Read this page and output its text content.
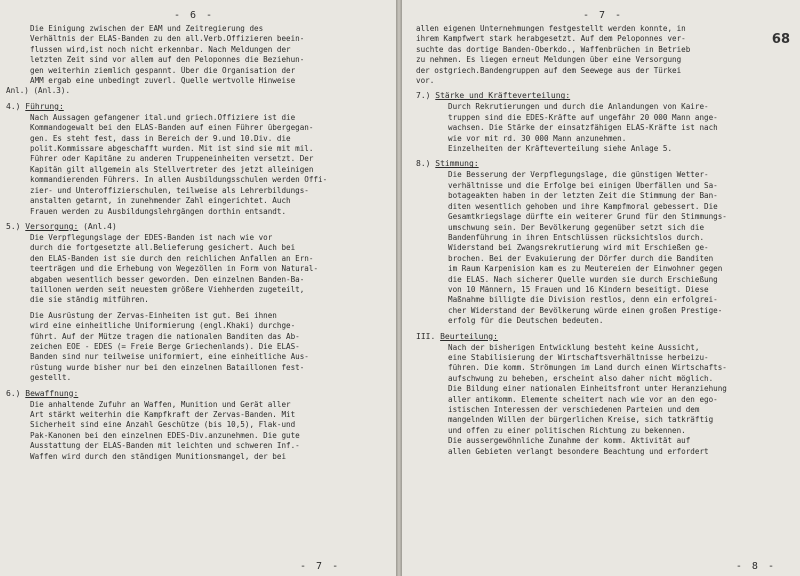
- 6 -
Die Einigung zwischen der EAM und Zeitregierung des
Verhältnis der ELAS-Banden zu den all.Verb.Offizieren beein-
flussen wird,ist noch nicht erkennbar. Nach Meldungen der
letzten Zeit sind vor allem auf den Peloponnes die Beziehun-
gen weiterhin ziemlich gespannt. Über die Organisation der
AMM ergab eine unbedingt zuverl. Quelle wertvolle Hinweise
Anl.) (Anl.3).
4.) Führung:
Nach Aussagen gefangener ital.und griech.Offiziere ist die
Kommandogewalt bei den ELAS-Banden auf einen Führer übergegan-
gen. Es steht fest, dass in Bereich der 9.und 10.Div. die
polit.Kommissare abgeschafft wurden. Mit ist sind sie mit mil.
Führer oder Kapitäne zu anderen Truppeneinheiten versetzt. Der
Kapitän gilt allgemein als Stellvertreter des jetzt alleinigen
kommandierenden Führers. In allen Ausbildungsschulen werden Offi-
zier- und Unteroffizierschulen, teilweise als Lehrerbildungs-
anstalten getarnt, in zunehmender Zahl eingerichtet. Auch
Frauen werden zu Ausbildungslehrgängen dorthin entsandt.
5.) Versorgung: (Anl.4)
Die Verpflegungslage der EDES-Banden ist nach wie vor
durch die fortgesetzte all.Belieferung gesichert. Auch bei
den ELAS-Banden ist sie durch den reichlichen Anfallen an Ern-
teerträgen und die Erhebung von Wegezöllen in Form von Natural-
abgaben wesentlich besser geworden. Den einzelnen Banden-Ba-
taillonen werden seit neuestem größere Viehherden zugeteilt,
die sie ständig mitführen.
Die Ausrüstung der Zervas-Einheiten ist gut. Bei ihnen
wird eine einheitliche Uniformierung (engl.Khaki) durchge-
führt. Auf der Mütze tragen die nationalen Banditen das Ab-
zeichen EOE - EDES (= Freie Berge Griechenlands). Die ELAS-
Banden sind nur teilweise uniformiert, eine einheitliche Aus-
rüstung wurde bisher nur bei den einzelnen Bataillonen fest-
gestellt.
6.) Bewaffnung:
Die anhaltende Zufuhr an Waffen, Munition und Gerät aller
Art stärkt weiterhin die Kampfkraft der Zervas-Banden. Mit
Sicherheit sind eine Anzahl Geschütze (bis 10,5), Flak-und
Pak-Kanonen bei den einzelnen EDES-Div.anzunehmen. Die gute
Ausstattung der ELAS-Banden mit leichten und schweren Inf.-
Waffen wird durch den ständigen Munitionsmangel, der bei
- 7 -
- 7 -
68
allen eigenen Unternehmungen festgestellt werden konnte, in
ihrem Kampfwert stark herabgesetzt. Auf dem Peloponnes ver-
suchte das dortige Banden-Oberkdo., Waffenbrüchen in Betrieb
zu nehmen. Es liegen erneut Meldungen über eine Versorgung
der ostgriech.Bandengruppen auf dem Seewege aus der Türkei
vor.
7.) Stärke und Kräfteverteilung:
Durch Rekrutierungen und durch die Anlandungen von Kaire-
truppen sind die EDES-Kräfte auf ungefähr 20 000 Mann ange-
wachsen. Die Stärke der einsatzfähigen ELAS-Kräfte ist nach
wie vor mit rd. 30 000 Mann anzunehmen.
Einzelheiten der Kräfteverteilung siehe Anlage 5.
8.) Stimmung:
Die Besserung der Verpflegungslage, die günstigen Wetter-
verhältnisse und die Erfolge bei einigen Überfällen und Sa-
botageakten haben in der letzten Zeit die Stimmung der Ban-
diten wesentlich gehoben und ihre Kampfmoral gebessert. Die
Gesamtkriegslage dürfte ein weiterer Grund für den Stimmungs-
umschwung sein. Der Bevölkerung gegenüber setzt sich die
Bandenführung in ihren Entschlüssen rücksichtslos durch.
Widerstand bei Zwangsrekrutierung wird mit Erschießen ge-
brochen. Bei der Evakuierung der Dörfer durch die Banditen
im Raum Karpenision kam es zu Meutereien der Einwohner gegen
die ELAS. Nach sicherer Quelle wurden sie durch Erschießung
von 10 Männern, 15 Frauen und 16 Kindern beseitigt. Diese
Maßnahme billigte die Division restlos, denn ein erfolgrei-
cher Widerstand der Bevölkerung würde einen großen Prestige-
erfolg für die Deutschen bedeuten.
III. Beurteilung:
Nach der bisherigen Entwicklung besteht keine Aussicht,
eine Stabilisierung der Wirtschaftsverhältnisse herbeizu-
führen. Die komm. Strömungen im Land durch einen Wirtschafts-
aufschwung zu beheben, erscheint also daher nicht möglich.
Die Bildung einer nationalen Einheitsfront unter Heranziehung
aller antikomm. Elemente scheitert nach wie vor an den ego-
istischen Interessen der verschiedenen Parteien und dem
mangelnden Willen der bürgerlichen Kreise, sich tatkräftig
und offen zu einer politischen Richtung zu bekennen.
Die aussergewöhnliche Zunahme der komm. Aktivität auf
allen Gebieten verlangt besondere Beachtung und erfordert
- 8 -
